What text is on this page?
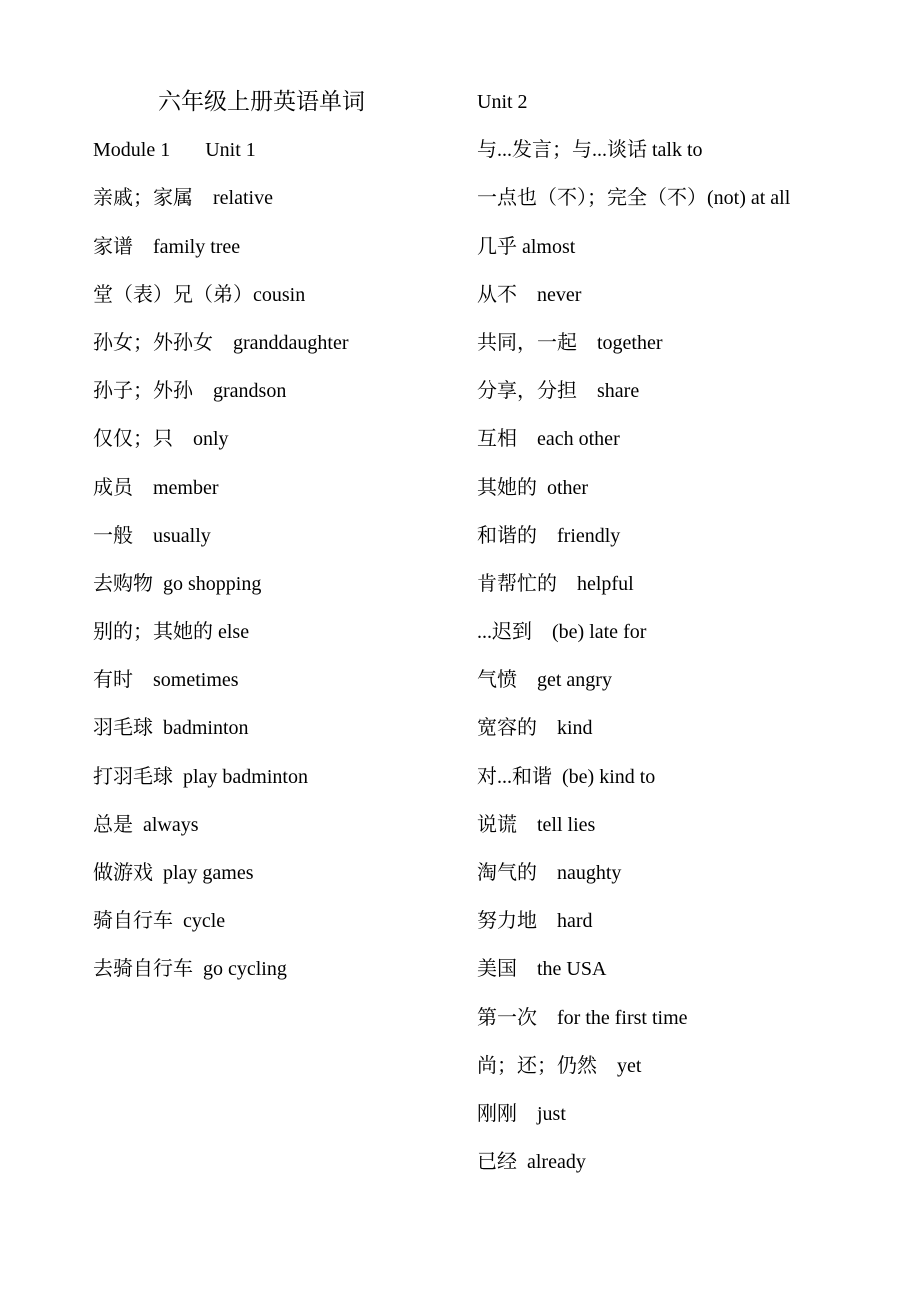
六年级上册英语单词
Module 1       Unit 1
亲戚；家属    relative
家谱    family tree
堂（表）兄（弟）cousin
孙女；外孙女    granddaughter
孙子；外孙    grandson
仅仅；只    only
成员    member
一般    usually
去购物  go shopping
别的；其她的 else
有时    sometimes
羽毛球  badminton
打羽毛球  play badminton
总是  always
做游戏  play games
骑自行车  cycle
去骑自行车  go cycling
Unit 2
与...发言；与...谈话 talk to
一点也（不）；完全（不）(not) at all
几乎 almost
从不    never
共同，一起    together
分享，分担    share
互相    each other
其她的  other
和谐的    friendly
肯帮忙的    helpful
...迟到    (be) late for
气愤    get angry
宽容的    kind
对...和谐  (be) kind to
说谎    tell lies
淘气的    naughty
努力地    hard
美国    the USA
第一次    for the first time
尚；还；仍然    yet
刚刚    just
已经  already
